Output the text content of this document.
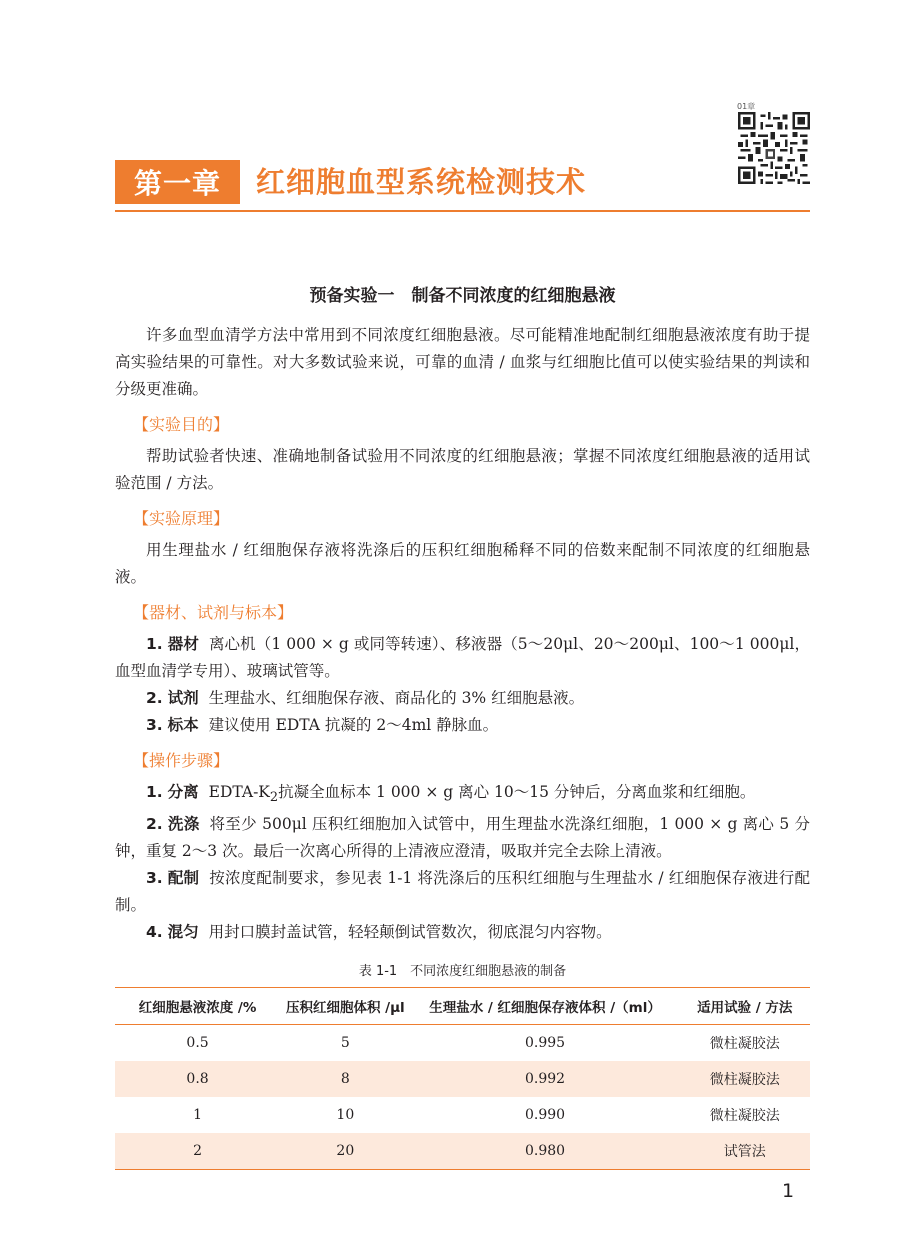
01章
第一章	红细胞血型系统检测技术
预备实验一　制备不同浓度的红细胞悬液

许多血型血清学方法中常用到不同浓度红细胞悬液。尽可能精准地配制红细胞悬液浓度有助于提高实验结果的可靠性。对大多数试验来说，可靠的血清 / 血浆与红细胞比值可以使实验结果的判读和分级更准确。

【实验目的】

帮助试验者快速、准确地制备试验用不同浓度的红细胞悬液；掌握不同浓度红细胞悬液的适用试验范围 / 方法。

【实验原理】

用生理盐水 / 红细胞保存液将洗涤后的压积红细胞稀释不同的倍数来配制不同浓度的红细胞悬液。

【器材、试剂与标本】

1. 器材 离心机（1 000 × g 或同等转速）、移液器（5～20μl、20～200μl、100～1 000μl，血型血清学专用）、玻璃试管等。

2. 试剂 生理盐水、红细胞保存液、商品化的 3% 红细胞悬液。

3. 标本 建议使用 EDTA 抗凝的 2～4ml 静脉血。

【操作步骤】

1. 分离 EDTA-$K_2$抗凝全血标本 1 000 × g 离心 10～15 分钟后，分离血浆和红细胞。

2. 洗涤 将至少 500μl 压积红细胞加入试管中，用生理盐水洗涤红细胞，1 000 × g 离心 5 分钟，重复 2～3 次。最后一次离心所得的上清液应澄清，吸取并完全去除上清液。

3. 配制 按浓度配制要求，参见表 1-1 将洗涤后的压积红细胞与生理盐水 / 红细胞保存液进行配制。

4. 混匀 用封口膜封盖试管，轻轻颠倒试管数次，彻底混匀内容物。

表 1-1　不同浓度红细胞悬液的制备
红细胞悬液浓度 /%	压积红细胞体积 /μl	生理盐水 / 红细胞保存液体积 /（ml）	适用试验 / 方法
0.5	5	0.995	微柱凝胶法
0.8	8	0.992	微柱凝胶法
1	10	0.990	微柱凝胶法
2	20	0.980	试管法
1
